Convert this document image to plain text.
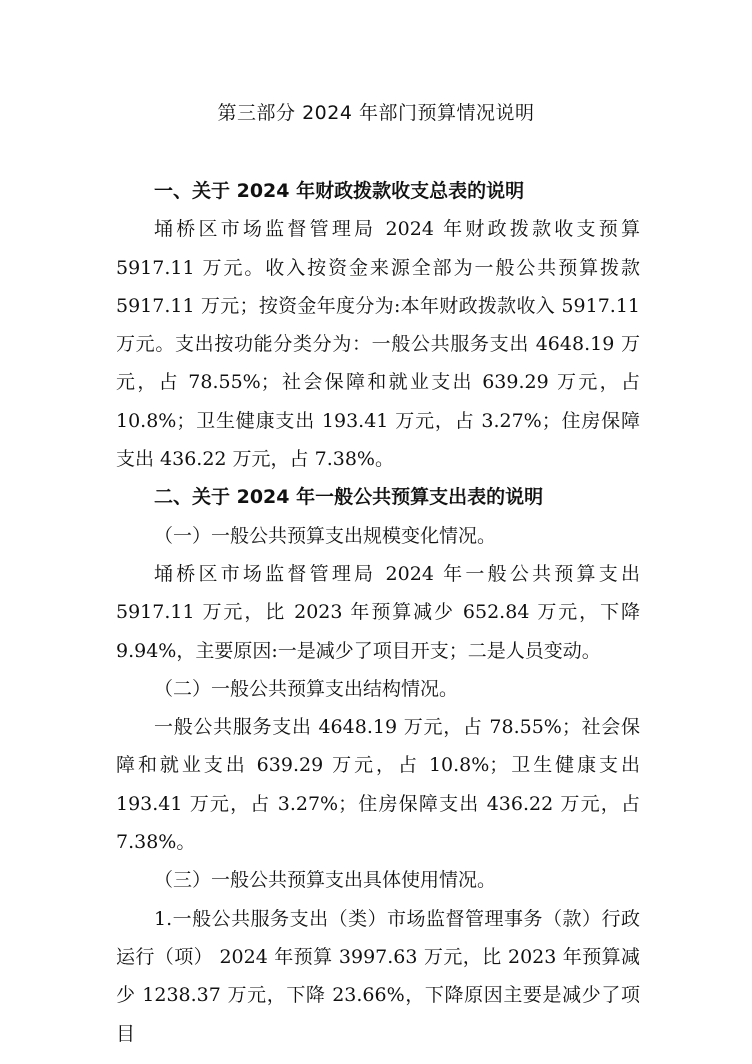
第三部分 2024 年部门预算情况说明

一、关于 2024 年财政拨款收支总表的说明

埇桥区市场监督管理局 2024 年财政拨款收支预算 5917.11 万元。收入按资金来源全部为一般公共预算拨款 5917.11 万元；按资金年度分为:本年财政拨款收入 5917.11 万元。支出按功能分类分为：一般公共服务支出 4648.19 万元，占 78.55%；社会保障和就业支出 639.29 万元，占 10.8%；卫生健康支出 193.41 万元，占 3.27%；住房保障支出 436.22 万元，占 7.38%。

二、关于 2024 年一般公共预算支出表的说明

（一）一般公共预算支出规模变化情况。

埇桥区市场监督管理局 2024 年一般公共预算支出 5917.11 万元，比 2023 年预算减少 652.84 万元，下降 9.94%，主要原因:一是减少了项目开支；二是人员变动。

（二）一般公共预算支出结构情况。

一般公共服务支出 4648.19 万元，占 78.55%；社会保障和就业支出 639.29 万元，占 10.8%；卫生健康支出 193.41 万元，占 3.27%；住房保障支出 436.22 万元，占 7.38%。

（三）一般公共预算支出具体使用情况。

1.一般公共服务支出（类）市场监督管理事务（款）行政运行（项） 2024 年预算 3997.63 万元，比 2023 年预算减少 1238.37 万元，下降 23.66%，下降原因主要是减少了项目
